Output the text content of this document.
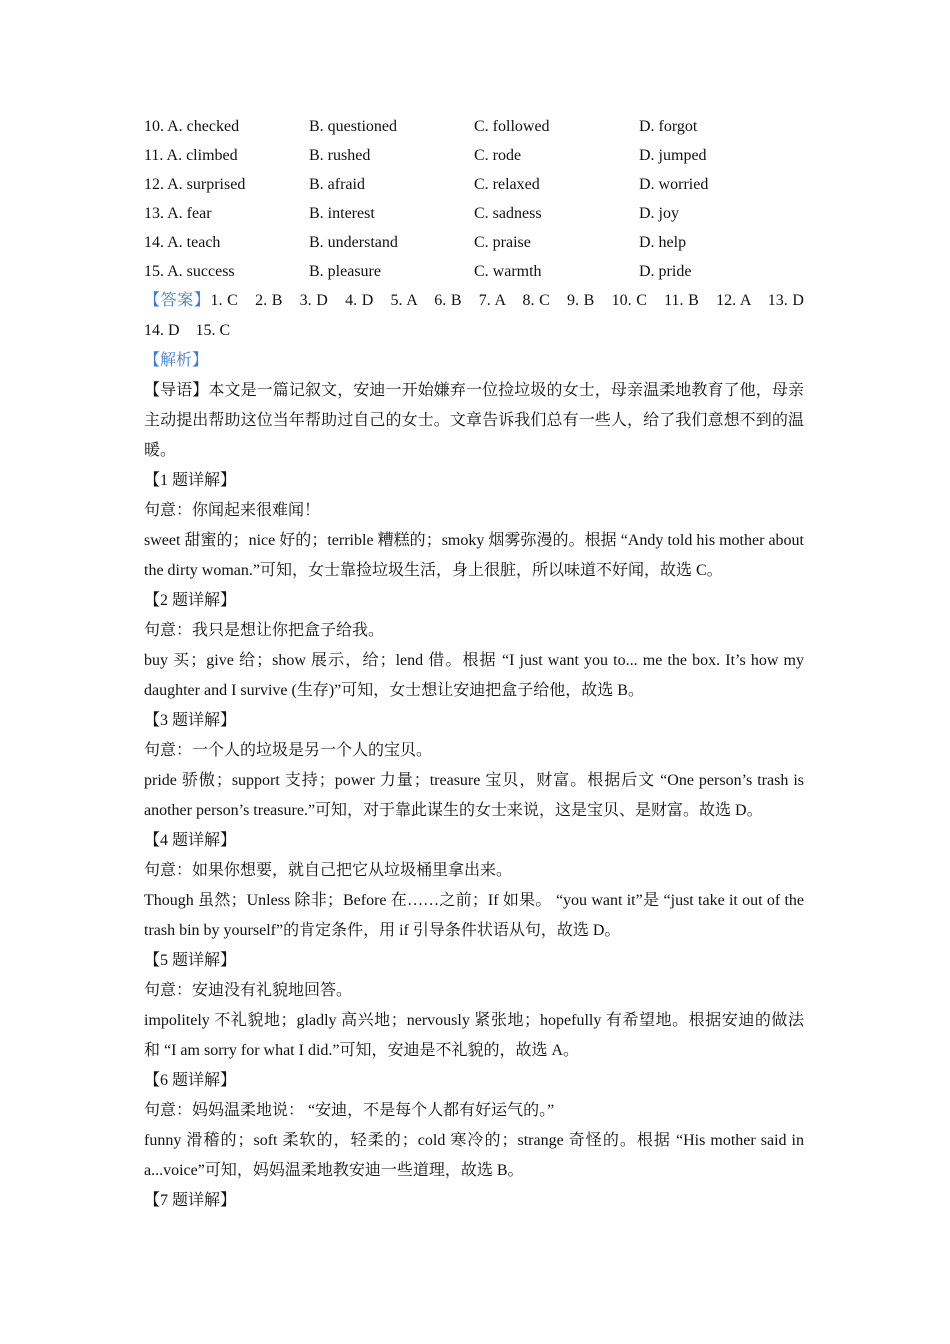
10. A. checked	B. questioned	C. followed	D. forgot
11. A. climbed	B. rushed	C. rode	D. jumped
12. A. surprised	B. afraid	C. relaxed	D. worried
13. A. fear	B. interest	C. sadness	D. joy
14. A. teach	B. understand	C. praise	D. help
15. A. success	B. pleasure	C. warmth	D. pride
【答案】1. C　2. B　3. D　4. D　5. A　6. B　7. A　8. C　9. B　10. C　11. B　12. A　13. D　14. D　15. C
【解析】
【导语】本文是一篇记叙文，安迪一开始嫌弃一位捡垃圾的女士，母亲温柔地教育了他，母亲主动提出帮助这位当年帮助过自己的女士。文章告诉我们总有一些人，给了我们意想不到的温暖。
【1 题详解】
句意：你闻起来很难闻！
sweet 甜蜜的；nice 好的；terrible 糟糕的；smoky 烟雾弥漫的。根据 “Andy told his mother about the dirty woman.”可知，女士靠捡垃圾生活，身上很脏，所以味道不好闻，故选 C。
【2 题详解】
句意：我只是想让你把盒子给我。
buy 买；give 给；show 展示，给；lend 借。根据 “I just want you to... me the box. It’s how my daughter and I survive (生存)”可知，女士想让安迪把盒子给他，故选 B。
【3 题详解】
句意：一个人的垃圾是另一个人的宝贝。
pride 骄傲；support 支持；power 力量；treasure 宝贝，财富。根据后文 “One person’s trash is another person’s treasure.”可知，对于靠此谋生的女士来说，这是宝贝、是财富。故选 D。
【4 题详解】
句意：如果你想要，就自己把它从垃圾桶里拿出来。
Though 虽然；Unless 除非；Before 在……之前；If 如果。 “you want it”是 “just take it out of the trash bin by yourself”的肯定条件，用 if 引导条件状语从句，故选 D。
【5 题详解】
句意：安迪没有礼貌地回答。
impolitely 不礼貌地；gladly 高兴地；nervously 紧张地；hopefully 有希望地。根据安迪的做法和 “I am sorry for what I did.”可知，安迪是不礼貌的，故选 A。
【6 题详解】
句意：妈妈温柔地说： “安迪，不是每个人都有好运气的。”
funny 滑稽的；soft 柔软的，轻柔的；cold 寒冷的；strange 奇怪的。根据 “His mother said in a...voice”可知，妈妈温柔地教安迪一些道理，故选 B。
【7 题详解】
